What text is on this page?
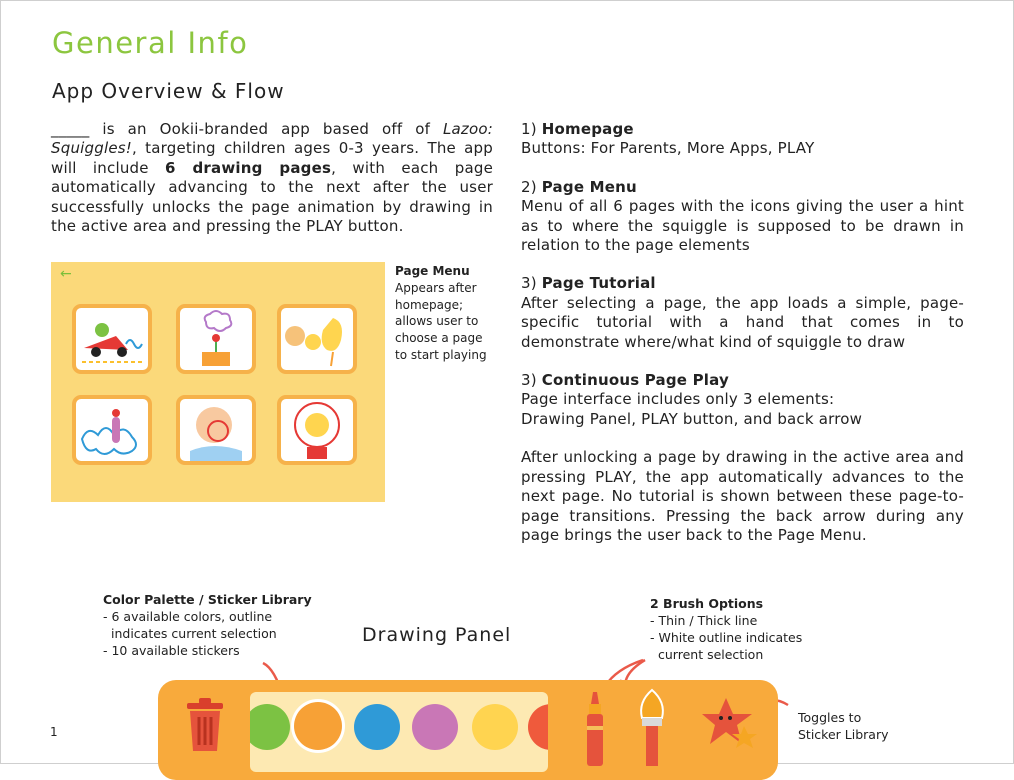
General Info
App Overview & Flow
_____ is an Ookii-branded app based off of Lazoo: Squiggles!, targeting children ages 0-3 years. The app will include 6 drawing pages, with each page automatically advancing to the next after the user successfully unlocks the page animation by drawing in the active area and pressing the PLAY button.
←	Page Menu
Appears after homepage; allows user to choose a page to start playing
1) Homepage
Buttons: For Parents, More Apps, PLAY
2) Page Menu
Menu of all 6 pages with the icons giving the user a hint as to where the squiggle is supposed to be drawn in relation to the page elements
3) Page Tutorial
After selecting a page, the app loads a simple, page-specific tutorial with a hand that comes in to demonstrate where/what kind of squiggle to draw
3) Continuous Page Play
Page interface includes only 3 elements:
Drawing Panel, PLAY button, and back arrow

After unlocking a page by drawing in the active area and pressing PLAY, the app automatically advances to the next page. No tutorial is shown between these page-to-page transitions. Pressing the back arrow during any page brings the user back to the Page Menu.

Color Palette / Sticker Library
- 6 available colors, outline
indicates current selection
- 10 available stickers
Drawing Panel
2 Brush Options
- Thin / Thick line
- White outline indicates
current selection
Toggles to
Sticker Library
1
